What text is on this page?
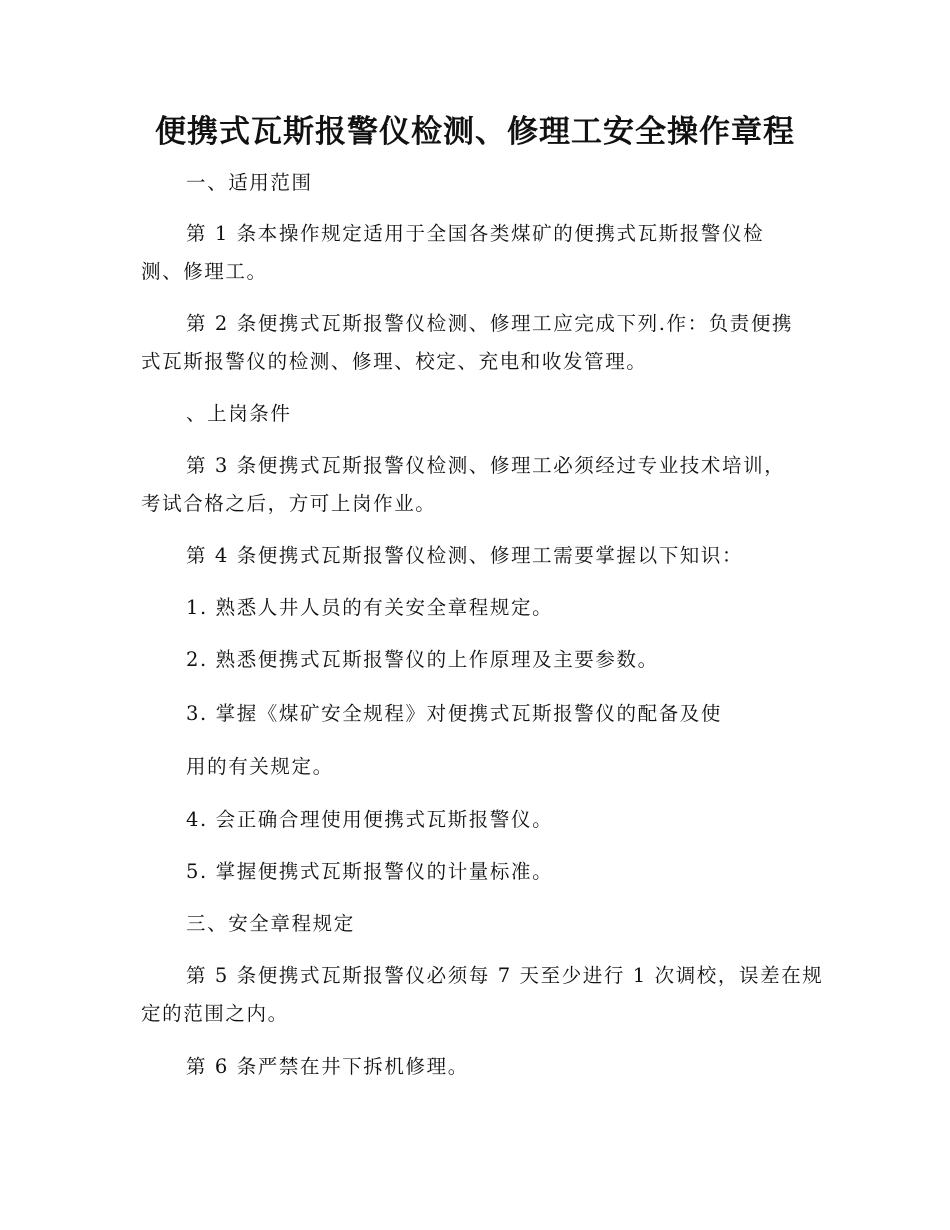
便携式瓦斯报警仪检测、修理工安全操作章程
一、适用范围
第 1 条本操作规定适用于全国各类煤矿的便携式瓦斯报警仪检
测、修理工。
第 2 条便携式瓦斯报警仪检测、修理工应完成下列.作：负责便携
式瓦斯报警仪的检测、修理、校定、充电和收发管理。
、上岗条件
第 3 条便携式瓦斯报警仪检测、修理工必须经过专业技术培训，
考试合格之后，方可上岗作业。
第 4 条便携式瓦斯报警仪检测、修理工需要掌握以下知识：
1. 熟悉人井人员的有关安全章程规定。
2. 熟悉便携式瓦斯报警仪的上作原理及主要参数。
3. 掌握《煤矿安全规程》对便携式瓦斯报警仪的配备及使
用的有关规定。
4. 会正确合理使用便携式瓦斯报警仪。
5. 掌握便携式瓦斯报警仪的计量标准。
三、安全章程规定
第 5 条便携式瓦斯报警仪必须每 7 天至少进行 1 次调校，误差在规
定的范围之内。
第 6 条严禁在井下拆机修理。
